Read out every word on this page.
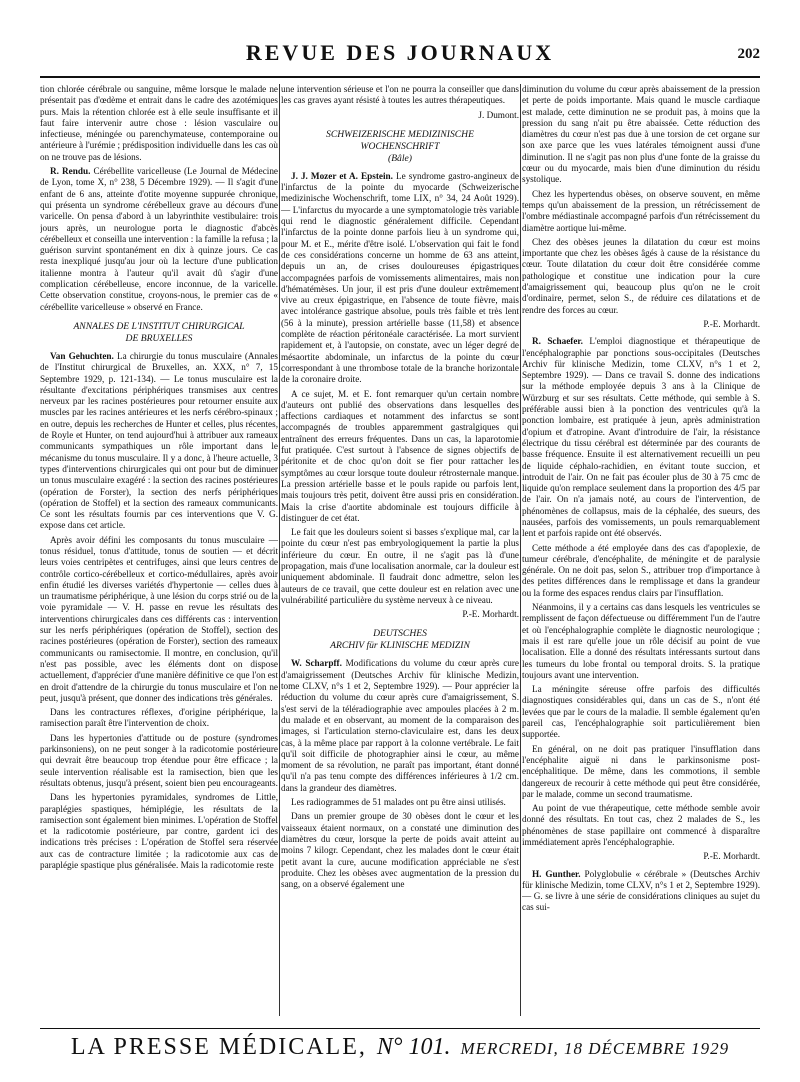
REVUE DES JOURNAUX	202

tion chlorée cérébrale ou sanguine, même lorsque le malade ne présentait pas d'œdème et entrait dans le cadre des azotémiques purs. Mais la rétention chlorée est à elle seule insuffisante et il faut faire intervenir autre chose : lésion vasculaire ou infectieuse, méningée ou parenchymateuse, contemporaine ou antérieure à l'urémie ; prédisposition individuelle dans les cas où on ne trouve pas de lésions.

R. Rendu. Cérébellite varicelleuse (Le Journal de Médecine de Lyon, tome X, n° 238, 5 Décembre 1929). — Il s'agit d'une enfant de 6 ans, atteinte d'otite moyenne suppurée chronique, qui présenta un syndrome cérébelleux grave au décours d'une varicelle. On pensa d'abord à un labyrinthite vestibulaire: trois jours après, un neurologue porta le diagnostic d'abcès cérébelleux et conseilla une intervention : la famille la refusa ; la guérison survint spontanément en dix à quinze jours. Ce cas resta inexpliqué jusqu'au jour où la lecture d'une publication italienne montra à l'auteur qu'il avait dû s'agir d'une complication cérébelleuse, encore inconnue, de la varicelle. Cette observation constitue, croyons-nous, le premier cas de « cérébellite varicelleuse » observé en France.

ANNALES DE L'INSTITUT CHIRURGICAL
DE BRUXELLES

Van Gehuchten. La chirurgie du tonus musculaire (Annales de l'Institut chirurgical de Bruxelles, an. XXX, n° 7, 15 Septembre 1929, p. 121-134). — Le tonus musculaire est la résultante d'excitations périphériques transmises aux centres nerveux par les racines postérieures pour retourner ensuite aux muscles par les racines antérieures et les nerfs cérébro-spinaux ; en outre, depuis les recherches de Hunter et celles, plus récentes, de Royle et Hunter, on tend aujourd'hui à attribuer aux rameaux communicants sympathiques un rôle important dans le mécanisme du tonus musculaire. Il y a donc, à l'heure actuelle, 3 types d'interventions chirurgicales qui ont pour but de diminuer un tonus musculaire exagéré : la section des racines postérieures (opération de Forster), la section des nerfs périphériques (opération de Stoffel) et la section des rameaux communicants. Ce sont les résultats fournis par ces interventions que V. G. expose dans cet article.

Après avoir défini les composants du tonus musculaire — tonus résiduel, tonus d'attitude, tonus de soutien — et décrit leurs voies centripètes et centrifuges, ainsi que leurs centres de contrôle cortico-cérébelleux et cortico-médullaires, après avoir enfin étudié les diverses variétés d'hypertonie — celles dues à un traumatisme périphérique, à une lésion du corps strié ou de la voie pyramidale — V. H. passe en revue les résultats des interventions chirurgicales dans ces différents cas : intervention sur les nerfs périphériques (opération de Stoffel), section des racines postérieures (opération de Forster), section des rameaux communicants ou ramisectomie. Il montre, en conclusion, qu'il n'est pas possible, avec les éléments dont on dispose actuellement, d'apprécier d'une manière définitive ce que l'on est en droit d'attendre de la chirurgie du tonus musculaire et l'on ne peut, jusqu'à présent, que donner des indications très générales.

Dans les contractures réflexes, d'origine périphérique, la ramisection paraît être l'intervention de choix.

Dans les hypertonies d'attitude ou de posture (syndromes parkinsoniens), on ne peut songer à la radicotomie postérieure qui devrait être beaucoup trop étendue pour être efficace ; la seule intervention réalisable est la ramisection, bien que les résultats obtenus, jusqu'à présent, soient bien peu encourageants.

Dans les hypertonies pyramidales, syndromes de Little, paraplégies spastiques, hémiplégie, les résultats de la ramisection sont également bien minimes. L'opération de Stoffel et la radicotomie postérieure, par contre, gardent ici des indications très précises : L'opération de Stoffel sera réservée aux cas de contracture limitée ; la radicotomie aux cas de paraplégie spastique plus généralisée. Mais la radicotomie reste

une intervention sérieuse et l'on ne pourra la conseiller que dans les cas graves ayant résisté à toutes les autres thérapeutiques.

J. Dumont.
SCHWEIZERISCHE MEDIZINISCHE
WOCHENSCHRIFT
(Bâle)

J. J. Mozer et A. Epstein. Le syndrome gastro-angineux de l'infarctus de la pointe du myocarde (Schweizerische medizinische Wochenschrift, tome LIX, n° 34, 24 Août 1929). — L'infarctus du myocarde a une symptomatologie très variable qui rend le diagnostic généralement difficile. Cependant l'infarctus de la pointe donne parfois lieu à un syndrome qui, pour M. et E., mérite d'être isolé. L'observation qui fait le fond de ces considérations concerne un homme de 63 ans atteint, depuis un an, de crises douloureuses épigastriques accompagnées parfois de vomissements alimentaires, mais non d'hématémèses. Un jour, il est pris d'une douleur extrêmement vive au creux épigastrique, en l'absence de toute fièvre, mais avec intolérance gastrique absolue, pouls très faible et très lent (56 à la minute), pression artérielle basse (11,58) et absence complète de réaction péritonéale caractérisée. La mort survient rapidement et, à l'autopsie, on constate, avec un léger degré de mésaortite abdominale, un infarctus de la pointe du cœur correspondant à une thrombose totale de la branche horizontale de la coronaire droite.

A ce sujet, M. et E. font remarquer qu'un certain nombre d'auteurs ont publié des observations dans lesquelles des affections cardiaques et notamment des infarctus se sont accompagnés de troubles apparemment gastralgiques qui entraînent des erreurs fréquentes. Dans un cas, la laparotomie fut pratiquée. C'est surtout à l'absence de signes objectifs de péritonite et de choc qu'on doit se fier pour rattacher les symptômes au cœur lorsque toute douleur rétrosternale manque. La pression artérielle basse et le pouls rapide ou parfois lent, mais toujours très petit, doivent être aussi pris en considération. Mais la crise d'aortite abdominale est toujours difficile à distinguer de cet état.

Le fait que les douleurs soient si basses s'explique mal, car la pointe du cœur n'est pas embryologiquement la partie la plus inférieure du cœur. En outre, il ne s'agit pas là d'une propagation, mais d'une localisation anormale, car la douleur est uniquement abdominale. Il faudrait donc admettre, selon les auteurs de ce travail, que cette douleur est en relation avec une vulnérabilité particulière du système nerveux à ce niveau.

P.-E. Morhardt.
DEUTSCHES
ARCHIV für KLINISCHE MEDIZIN

W. Scharpff. Modifications du volume du cœur après cure d'amaigrissement (Deutsches Archiv für klinische Medizin, tome CLXV, n°s 1 et 2, Septembre 1929). — Pour apprécier la réduction du volume du cœur après cure d'amaigrissement, S. s'est servi de la téléradiographie avec ampoules placées à 2 m. du malade et en observant, au moment de la comparaison des images, si l'articulation sterno-claviculaire est, dans les deux cas, à la même place par rapport à la colonne vertébrale. Le fait qu'il soit difficile de photographier ainsi le cœur, au même moment de sa révolution, ne paraît pas important, étant donné qu'il n'a pas tenu compte des différences inférieures à 1/2 cm. dans la grandeur des diamètres.

Les radiogrammes de 51 malades ont pu être ainsi utilisés.

Dans un premier groupe de 30 obèses dont le cœur et les vaisseaux étaient normaux, on a constaté une diminution des diamètres du cœur, lorsque la perte de poids avait atteint au moins 7 kilogr. Cependant, chez les malades dont le cœur était petit avant la cure, aucune modification appréciable ne s'est produite. Chez les obèses avec augmentation de la pression du sang, on a observé également une

diminution du volume du cœur après abaissement de la pression et perte de poids importante. Mais quand le muscle cardiaque est malade, cette diminution ne se produit pas, à moins que la pression du sang n'ait pu être abaissée. Cette réduction des diamètres du cœur n'est pas due à une torsion de cet organe sur son axe parce que les vues latérales témoignent aussi d'une diminution. Il ne s'agit pas non plus d'une fonte de la graisse du cœur ou du myocarde, mais bien d'une diminution du résidu systolique.

Chez les hypertendus obèses, on observe souvent, en même temps qu'un abaissement de la pression, un rétrécissement de l'ombre médiastinale accompagné parfois d'un rétrécissement du diamètre aortique lui-même.

Chez des obèses jeunes la dilatation du cœur est moins importante que chez les obèses âgés à cause de la résistance du cœur. Toute dilatation du cœur doit être considérée comme pathologique et constitue une indication pour la cure d'amaigrissement qui, beaucoup plus qu'on ne le croit d'ordinaire, permet, selon S., de réduire ces dilatations et de rendre des forces au cœur.

P.-E. Morhardt.

R. Schaefer. L'emploi diagnostique et thérapeutique de l'encéphalographie par ponctions sous-occipitales (Deutsches Archiv für klinische Medizin, tome CLXV, n°s 1 et 2, Septembre 1929). — Dans ce travail S. donne des indications sur la méthode employée depuis 3 ans à la Clinique de Würzburg et sur ses résultats. Cette méthode, qui semble à S. préférable aussi bien à la ponction des ventricules qu'à la ponction lombaire, est pratiquée à jeun, après administration d'opium et d'atropine. Avant d'introduire de l'air, la résistance électrique du tissu cérébral est déterminée par des courants de basse fréquence. Ensuite il est alternativement recueilli un peu de liquide céphalo-rachidien, en évitant toute succion, et introduit de l'air. On ne fait pas écouler plus de 30 à 75 cmc de liquide qu'on remplace seulement dans la proportion des 4/5 par de l'air. On n'a jamais noté, au cours de l'intervention, de phénomènes de collapsus, mais de la céphalée, des sueurs, des nausées, parfois des vomissements, un pouls remarquablement lent et parfois rapide ont été observés.

Cette méthode a été employée dans des cas d'apoplexie, de tumeur cérébrale, d'encéphalite, de méningite et de paralysie générale. On ne doit pas, selon S., attribuer trop d'importance à des petites différences dans le remplissage et dans la grandeur ou la forme des espaces rendus clairs par l'insufflation.

Néanmoins, il y a certains cas dans lesquels les ventricules se remplissent de façon défectueuse ou différemment l'un de l'autre et où l'encéphalographie complète le diagnostic neurologique ; mais il est rare qu'elle joue un rôle décisif au point de vue localisation. Elle a donné des résultats intéressants surtout dans les tumeurs du lobe frontal ou temporal droits. S. la pratique toujours avant une intervention.

La méningite séreuse offre parfois des difficultés diagnostiques considérables qui, dans un cas de S., n'ont été levées que par le cours de la maladie. Il semble également qu'en pareil cas, l'encéphalographie soit particulièrement bien supportée.

En général, on ne doit pas pratiquer l'insufflation dans l'encéphalite aiguë ni dans le parkinsonisme post-encéphalitique. De même, dans les commotions, il semble dangereux de recourir à cette méthode qui peut être considérée, par le malade, comme un second traumatisme.

Au point de vue thérapeutique, cette méthode semble avoir donné des résultats. En tout cas, chez 2 malades de S., les phénomènes de stase papillaire ont commencé à disparaître immédiatement après l'encéphalographie.

P.-E. Morhardt.

H. Gunther. Polyglobulie « cérébrale » (Deutsches Archiv für klinische Medizin, tome CLXV, n°s 1 et 2, Septembre 1929). — G. se livre à une série de considérations cliniques au sujet du cas sui-

LA PRESSE MÉDICALE, N° 101. MERCREDI, 18 DÉCEMBRE 1929
